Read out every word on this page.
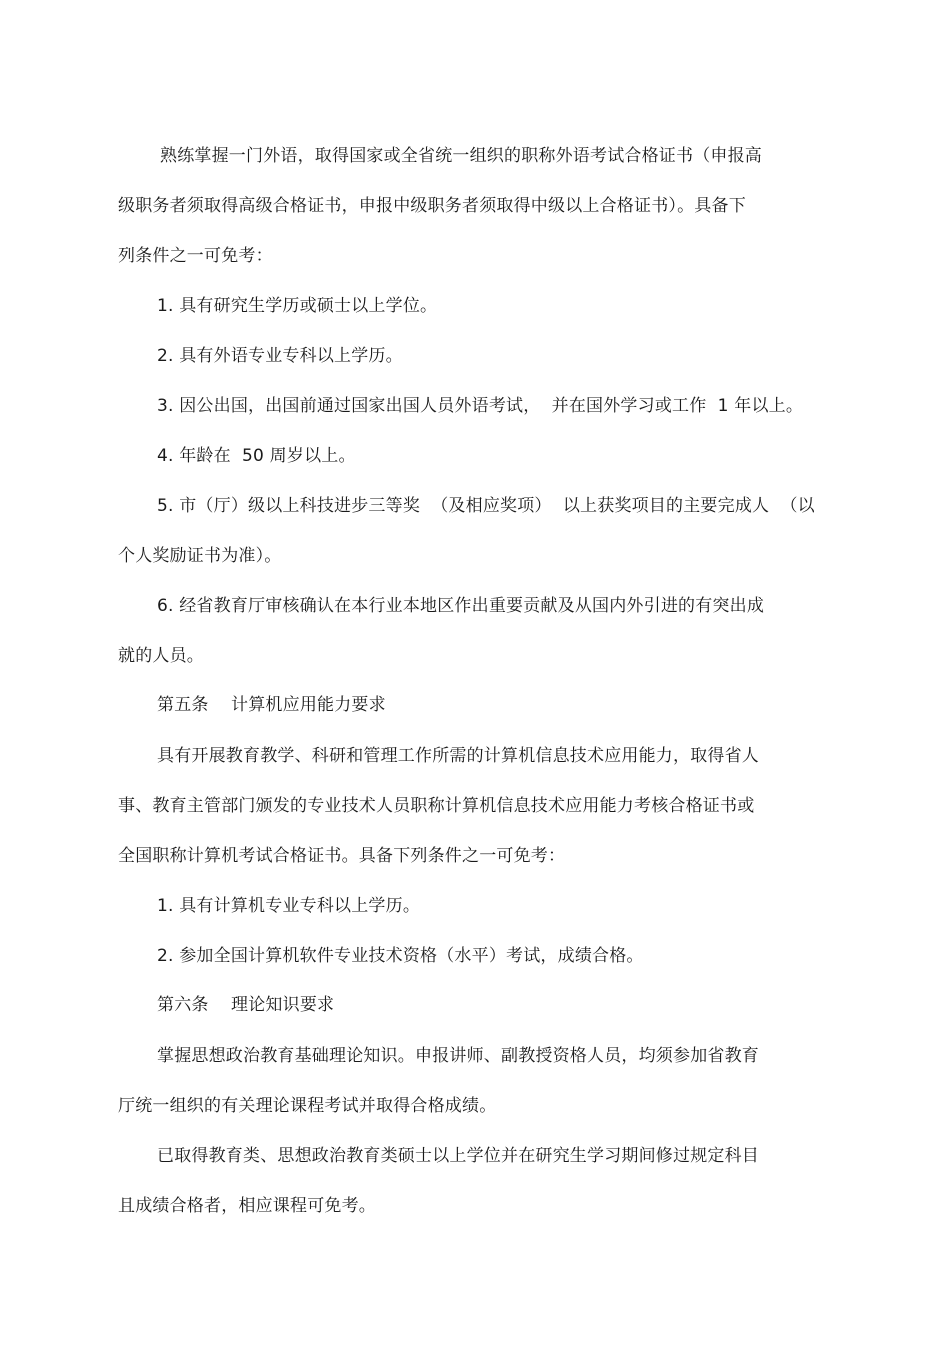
熟练掌握一门外语，取得国家或全省统一组织的职称外语考试合格证书（申报高
级职务者须取得高级合格证书，申报中级职务者须取得中级以上合格证书）。具备下
列条件之一可免考：
1. 具有研究生学历或硕士以上学位。
2. 具有外语专业专科以上学历。
3. 因公出国，出国前通过国家出国人员外语考试，  并在国外学习或工作  1 年以上。
4. 年龄在  50 周岁以上。
5. 市（厅）级以上科技进步三等奖  （及相应奖项）  以上获奖项目的主要完成人  （以
个人奖励证书为准）。
6. 经省教育厅审核确认在本行业本地区作出重要贡献及从国内外引进的有突出成
就的人员。
第五条    计算机应用能力要求
具有开展教育教学、科研和管理工作所需的计算机信息技术应用能力，取得省人
事、教育主管部门颁发的专业技术人员职称计算机信息技术应用能力考核合格证书或
全国职称计算机考试合格证书。具备下列条件之一可免考：
1. 具有计算机专业专科以上学历。
2. 参加全国计算机软件专业技术资格（水平）考试，成绩合格。
第六条    理论知识要求
掌握思想政治教育基础理论知识。申报讲师、副教授资格人员，均须参加省教育
厅统一组织的有关理论课程考试并取得合格成绩。
已取得教育类、思想政治教育类硕士以上学位并在研究生学习期间修过规定科目
且成绩合格者，相应课程可免考。
